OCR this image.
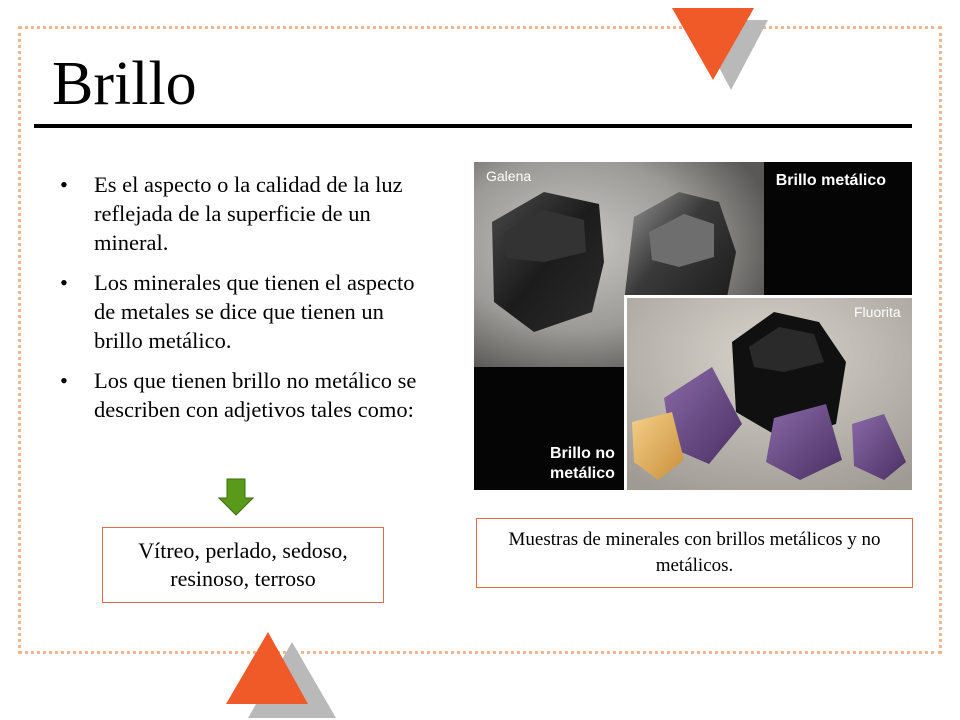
Brillo
• Es el aspecto o la calidad de la luz reflejada de la superficie de un mineral.
• Los minerales que tienen el aspecto de metales se dice que tienen un brillo metálico.
• Los que tienen brillo no metálico se describen con adjetivos tales como:
Vítreo, perlado, sedoso, resinoso, terroso
Galena	Brillo metálico
Fluorita
Brillo no
metálico
Muestras de minerales con brillos metálicos y no metálicos.
